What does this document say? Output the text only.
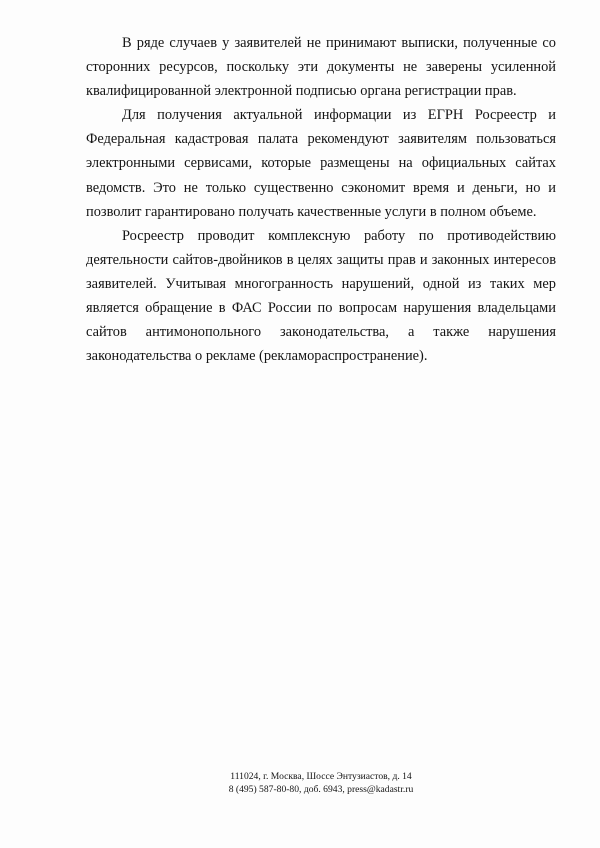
В ряде случаев у заявителей не принимают выписки, полученные со сторонних ресурсов, поскольку эти документы не заверены усиленной квалифицированной электронной подписью органа регистрации прав.

Для получения актуальной информации из ЕГРН Росреестр и Федеральная кадастровая палата рекомендуют заявителям пользоваться электронными сервисами, которые размещены на официальных сайтах ведомств. Это не только существенно сэкономит время и деньги, но и позволит гарантировано получать качественные услуги в полном объеме.

Росреестр проводит комплексную работу по противодействию деятельности сайтов-двойников в целях защиты прав и законных интересов заявителей. Учитывая многогранность нарушений, одной из таких мер является обращение в ФАС России по вопросам нарушения владельцами сайтов антимонопольного законодательства, а также нарушения законодательства о рекламе (рекламораспространение).

111024, г. Москва, Шоссе Энтузиастов, д. 14
8 (495) 587-80-80, доб. 6943, press@kadastr.ru
